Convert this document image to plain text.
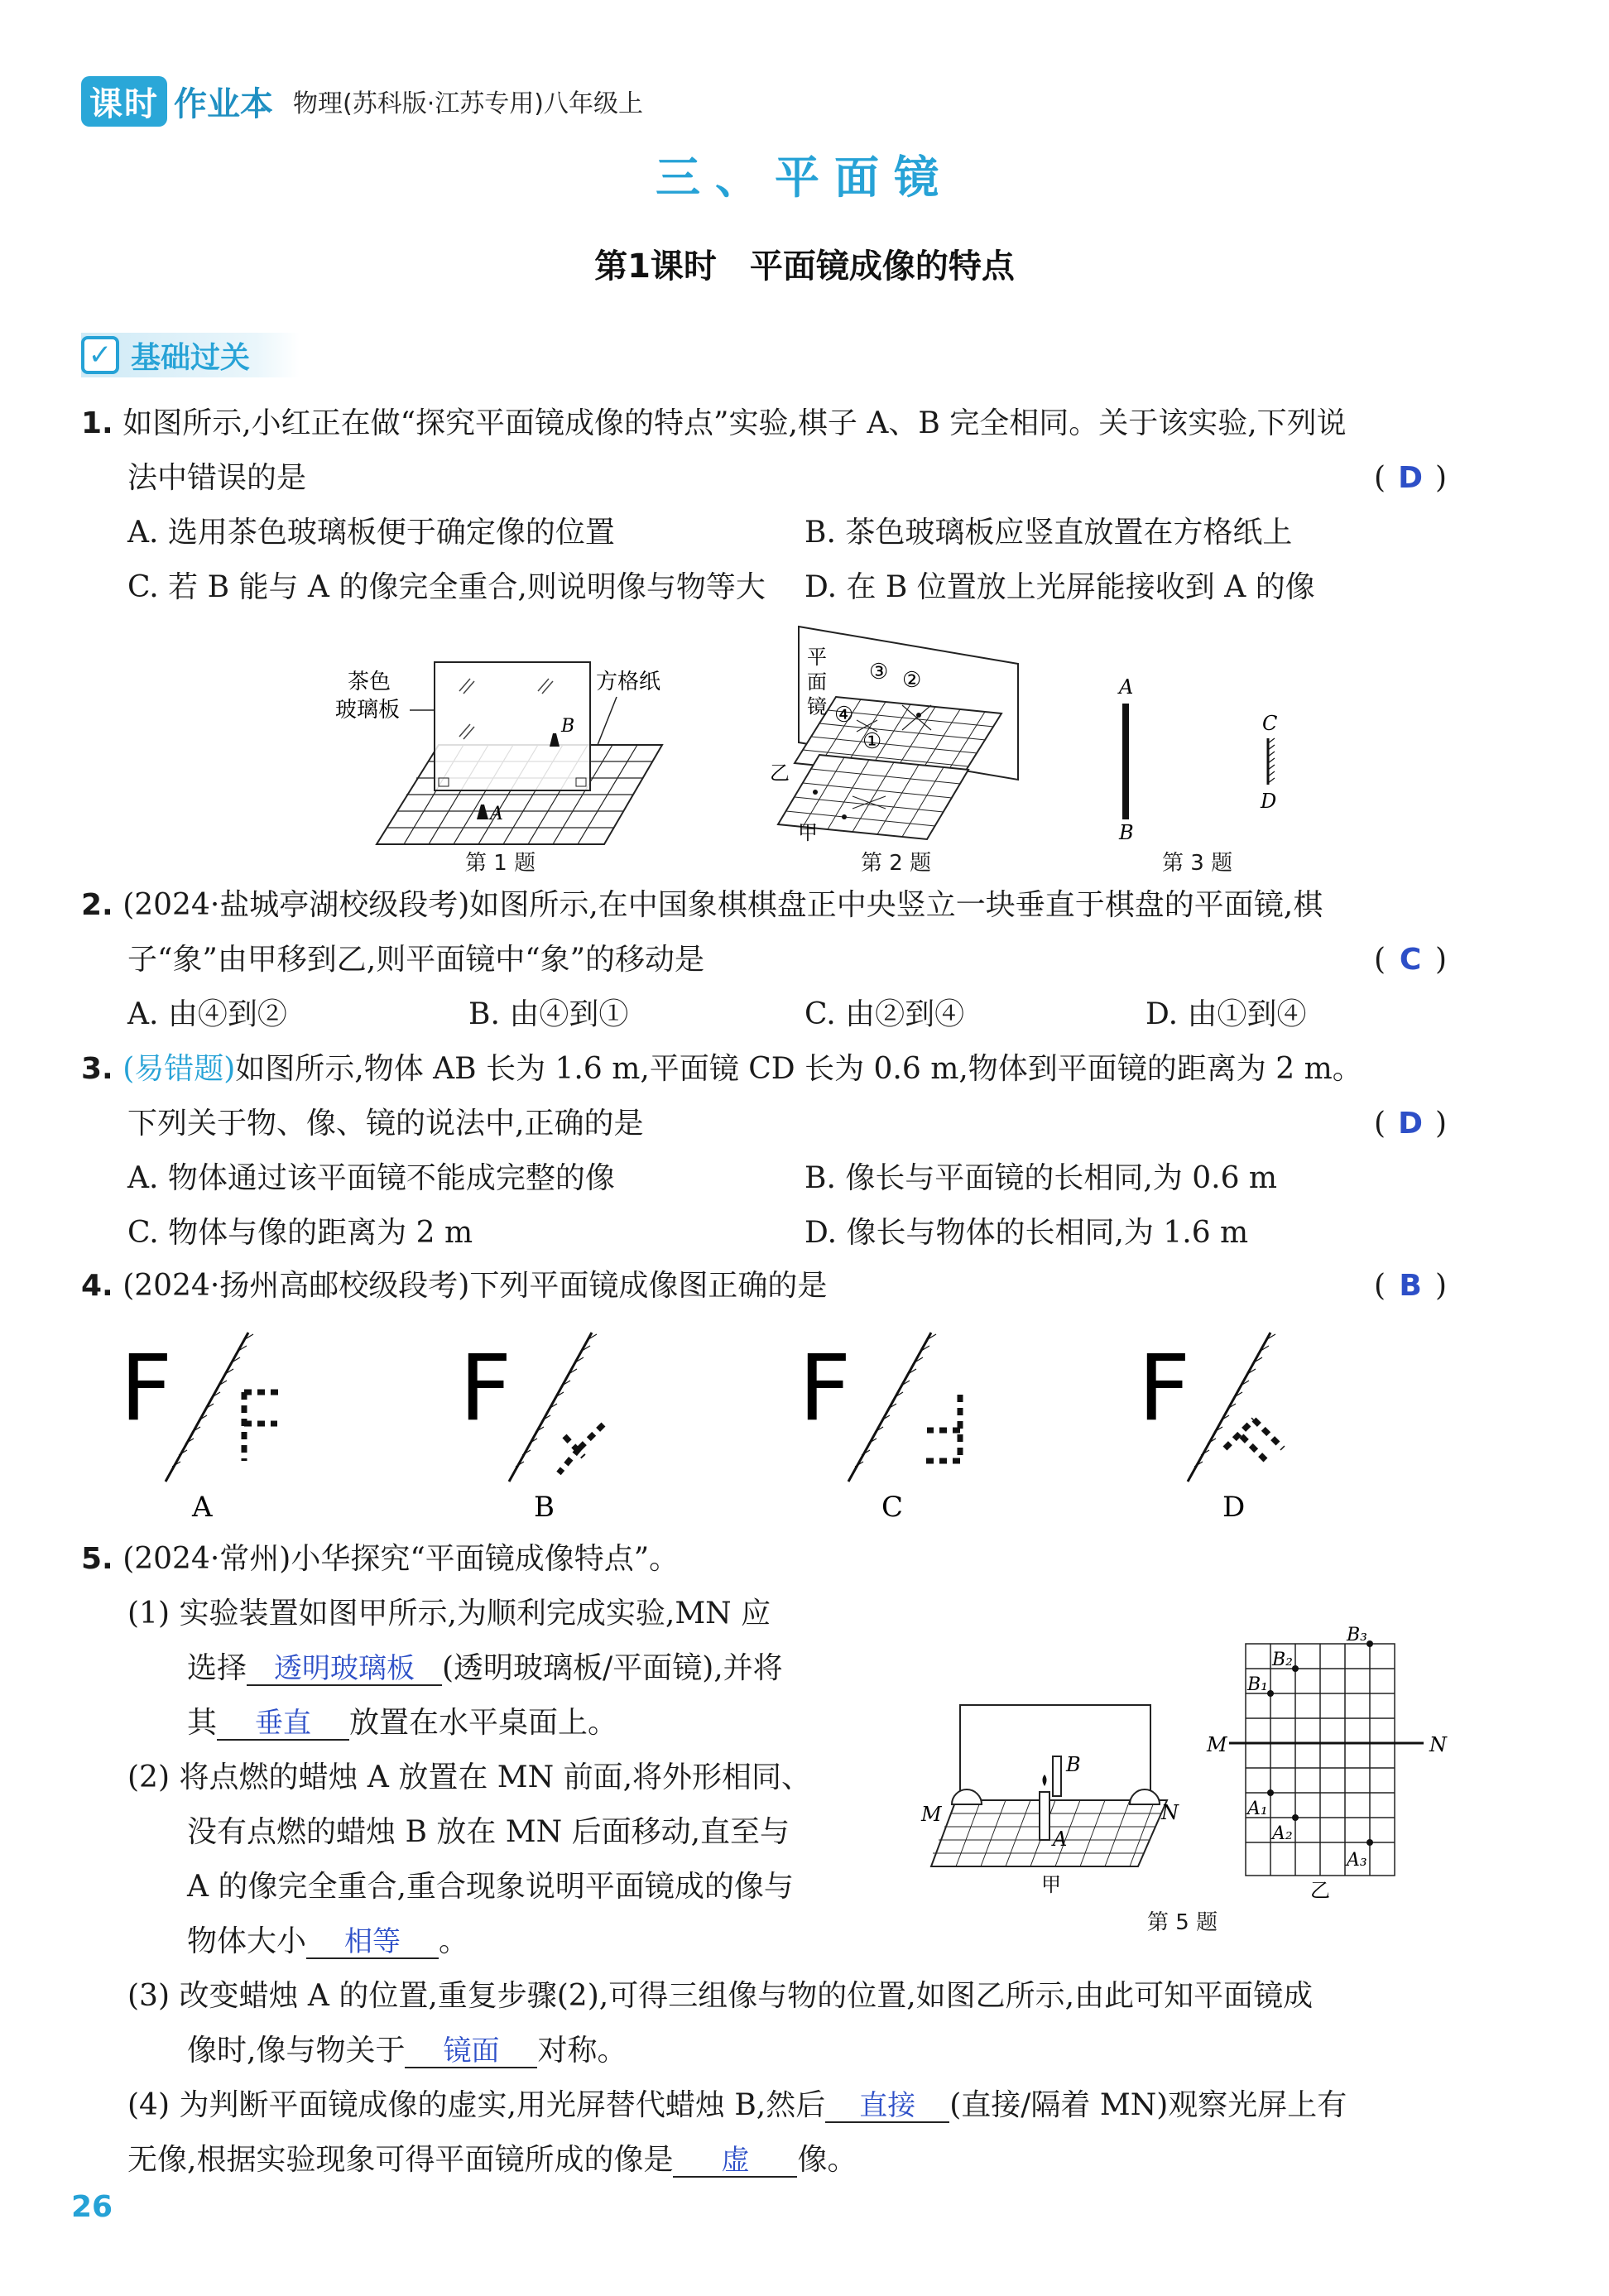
课时 作业本 物理(苏科版·江苏专用)八年级上
三、平面镜
第1课时　平面镜成像的特点
✓ 基础过关
1. 如图所示,小红正在做“探究平面镜成像的特点”实验,棋子 A、B 完全相同。关于该实验,下列说
法中错误的是	( D )
A. 选用茶色玻璃板便于确定像的位置	B. 茶色玻璃板应竖直放置在方格纸上
C. 若 B 能与 A 的像完全重合,则说明像与物等大 D. 在 B 位置放上光屏能接收到 A 的像
茶色
玻璃板
方格纸
B
A
第 1 题
平
面
镜
③ ②
④
①
乙
甲
第 2 题
A
B
C
D
第 3 题
2. (2024·盐城亭湖校级段考)如图所示,在中国象棋棋盘正中央竖立一块垂直于棋盘的平面镜,棋
子“象”由甲移到乙,则平面镜中“象”的移动是	( C )
A. 由④到②	B. 由④到①	C. 由②到④	D. 由①到④
3. (易错题)如图所示,物体 AB 长为 1.6 m,平面镜 CD 长为 0.6 m,物体到平面镜的距离为 2 m。
下列关于物、像、镜的说法中,正确的是	( D )
A. 物体通过该平面镜不能成完整的像	B. 像长与平面镜的长相同,为 0.6 m
C. 物体与像的距离为 2 m	D. 像长与物体的长相同,为 1.6 m
4. (2024·扬州高邮校级段考)下列平面镜成像图正确的是	( B )
F
A
F
B
F
C
F
D
5. (2024·常州)小华探究“平面镜成像特点”。
(1) 实验装置如图甲所示,为顺利完成实验,MN 应
选择 透明玻璃板 (透明玻璃板/平面镜),并将
其 垂直 放置在水平桌面上。
(2) 将点燃的蜡烛 A 放置在 MN 前面,将外形相同、
没有点燃的蜡烛 B 放在 MN 后面移动,直至与
A 的像完全重合,重合现象说明平面镜成的像与
物体大小 相等 。
(3) 改变蜡烛 A 的位置,重复步骤(2),可得三组像与物的位置,如图乙所示,由此可知平面镜成
像时,像与物关于 镜面 对称。
(4) 为判断平面镜成像的虚实,用光屏替代蜡烛 B,然后 直接 (直接/隔着 MN)观察光屏上有
无像,根据实验现象可得平面镜所成的像是 虚 像。
M	N
B
A
甲
M	N
B₁
B₂
B₃
A₁
A₂
A₃
乙
第 5 题
26
